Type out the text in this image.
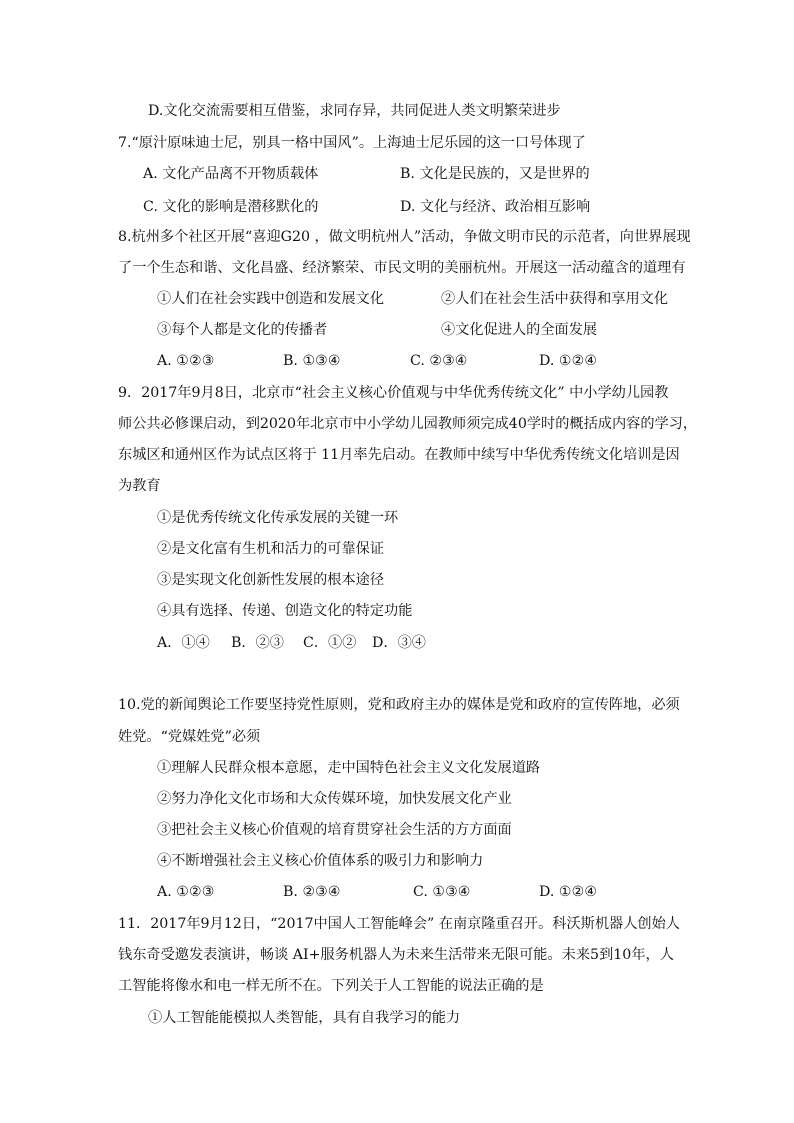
D.文化交流需要相互借鉴，求同存异，共同促进人类文明繁荣进步
7.“原汁原味迪士尼，别具一格中国风”。上海迪士尼乐园的这一口号体现了
A. 文化产品离不开物质载体	B. 文化是民族的，又是世界的
C. 文化的影响是潜移默化的	D. 文化与经济、政治相互影响
8.杭州多个社区开展“喜迎G20 ，做文明杭州人”活动，争做文明市民的示范者，向世界展现
了一个生态和谐、文化昌盛、经济繁荣、市民文明的美丽杭州。开展这一活动蕴含的道理有
①人们在社会实践中创造和发展文化	②人们在社会生活中获得和享用文化
③每个人都是文化的传播者	④文化促进人的全面发展
A. ①②③	B. ①③④	C. ②③④	D. ①②④
9．2017年9月8日，北京市“社会主义核心价值观与中华优秀传统文化” 中小学幼儿园教
师公共必修课启动，到2020年北京市中小学幼儿园教师须完成40学时的概括成内容的学习，
东城区和通州区作为试点区将于 11月率先启动。在教师中续写中华优秀传统文化培训是因
为教育
①是优秀传统文化传承发展的关键一环
②是文化富有生机和活力的可靠保证
③是实现文化创新性发展的根本途径
④具有选择、传递、创造文化的特定功能
A．①④ B．②③ C．①② D．③④
10.党的新闻舆论工作要坚持党性原则，党和政府主办的媒体是党和政府的宣传阵地，必须
姓党。“党媒姓党”必须
①理解人民群众根本意愿，走中国特色社会主义文化发展道路
②努力净化文化市场和大众传媒环境，加快发展文化产业
③把社会主义核心价值观的培育贯穿社会生活的方方面面
④不断增强社会主义核心价值体系的吸引力和影响力
A. ①②③	B. ②③④	C. ①③④	D. ①②④
11．2017年9月12日，“2017中国人工智能峰会” 在南京隆重召开。科沃斯机器人创始人
钱东奇受邀发表演讲，畅谈 AI+服务机器人为未来生活带来无限可能。未来5到10年，人
工智能将像水和电一样无所不在。下列关于人工智能的说法正确的是
①人工智能能模拟人类智能，具有自我学习的能力
